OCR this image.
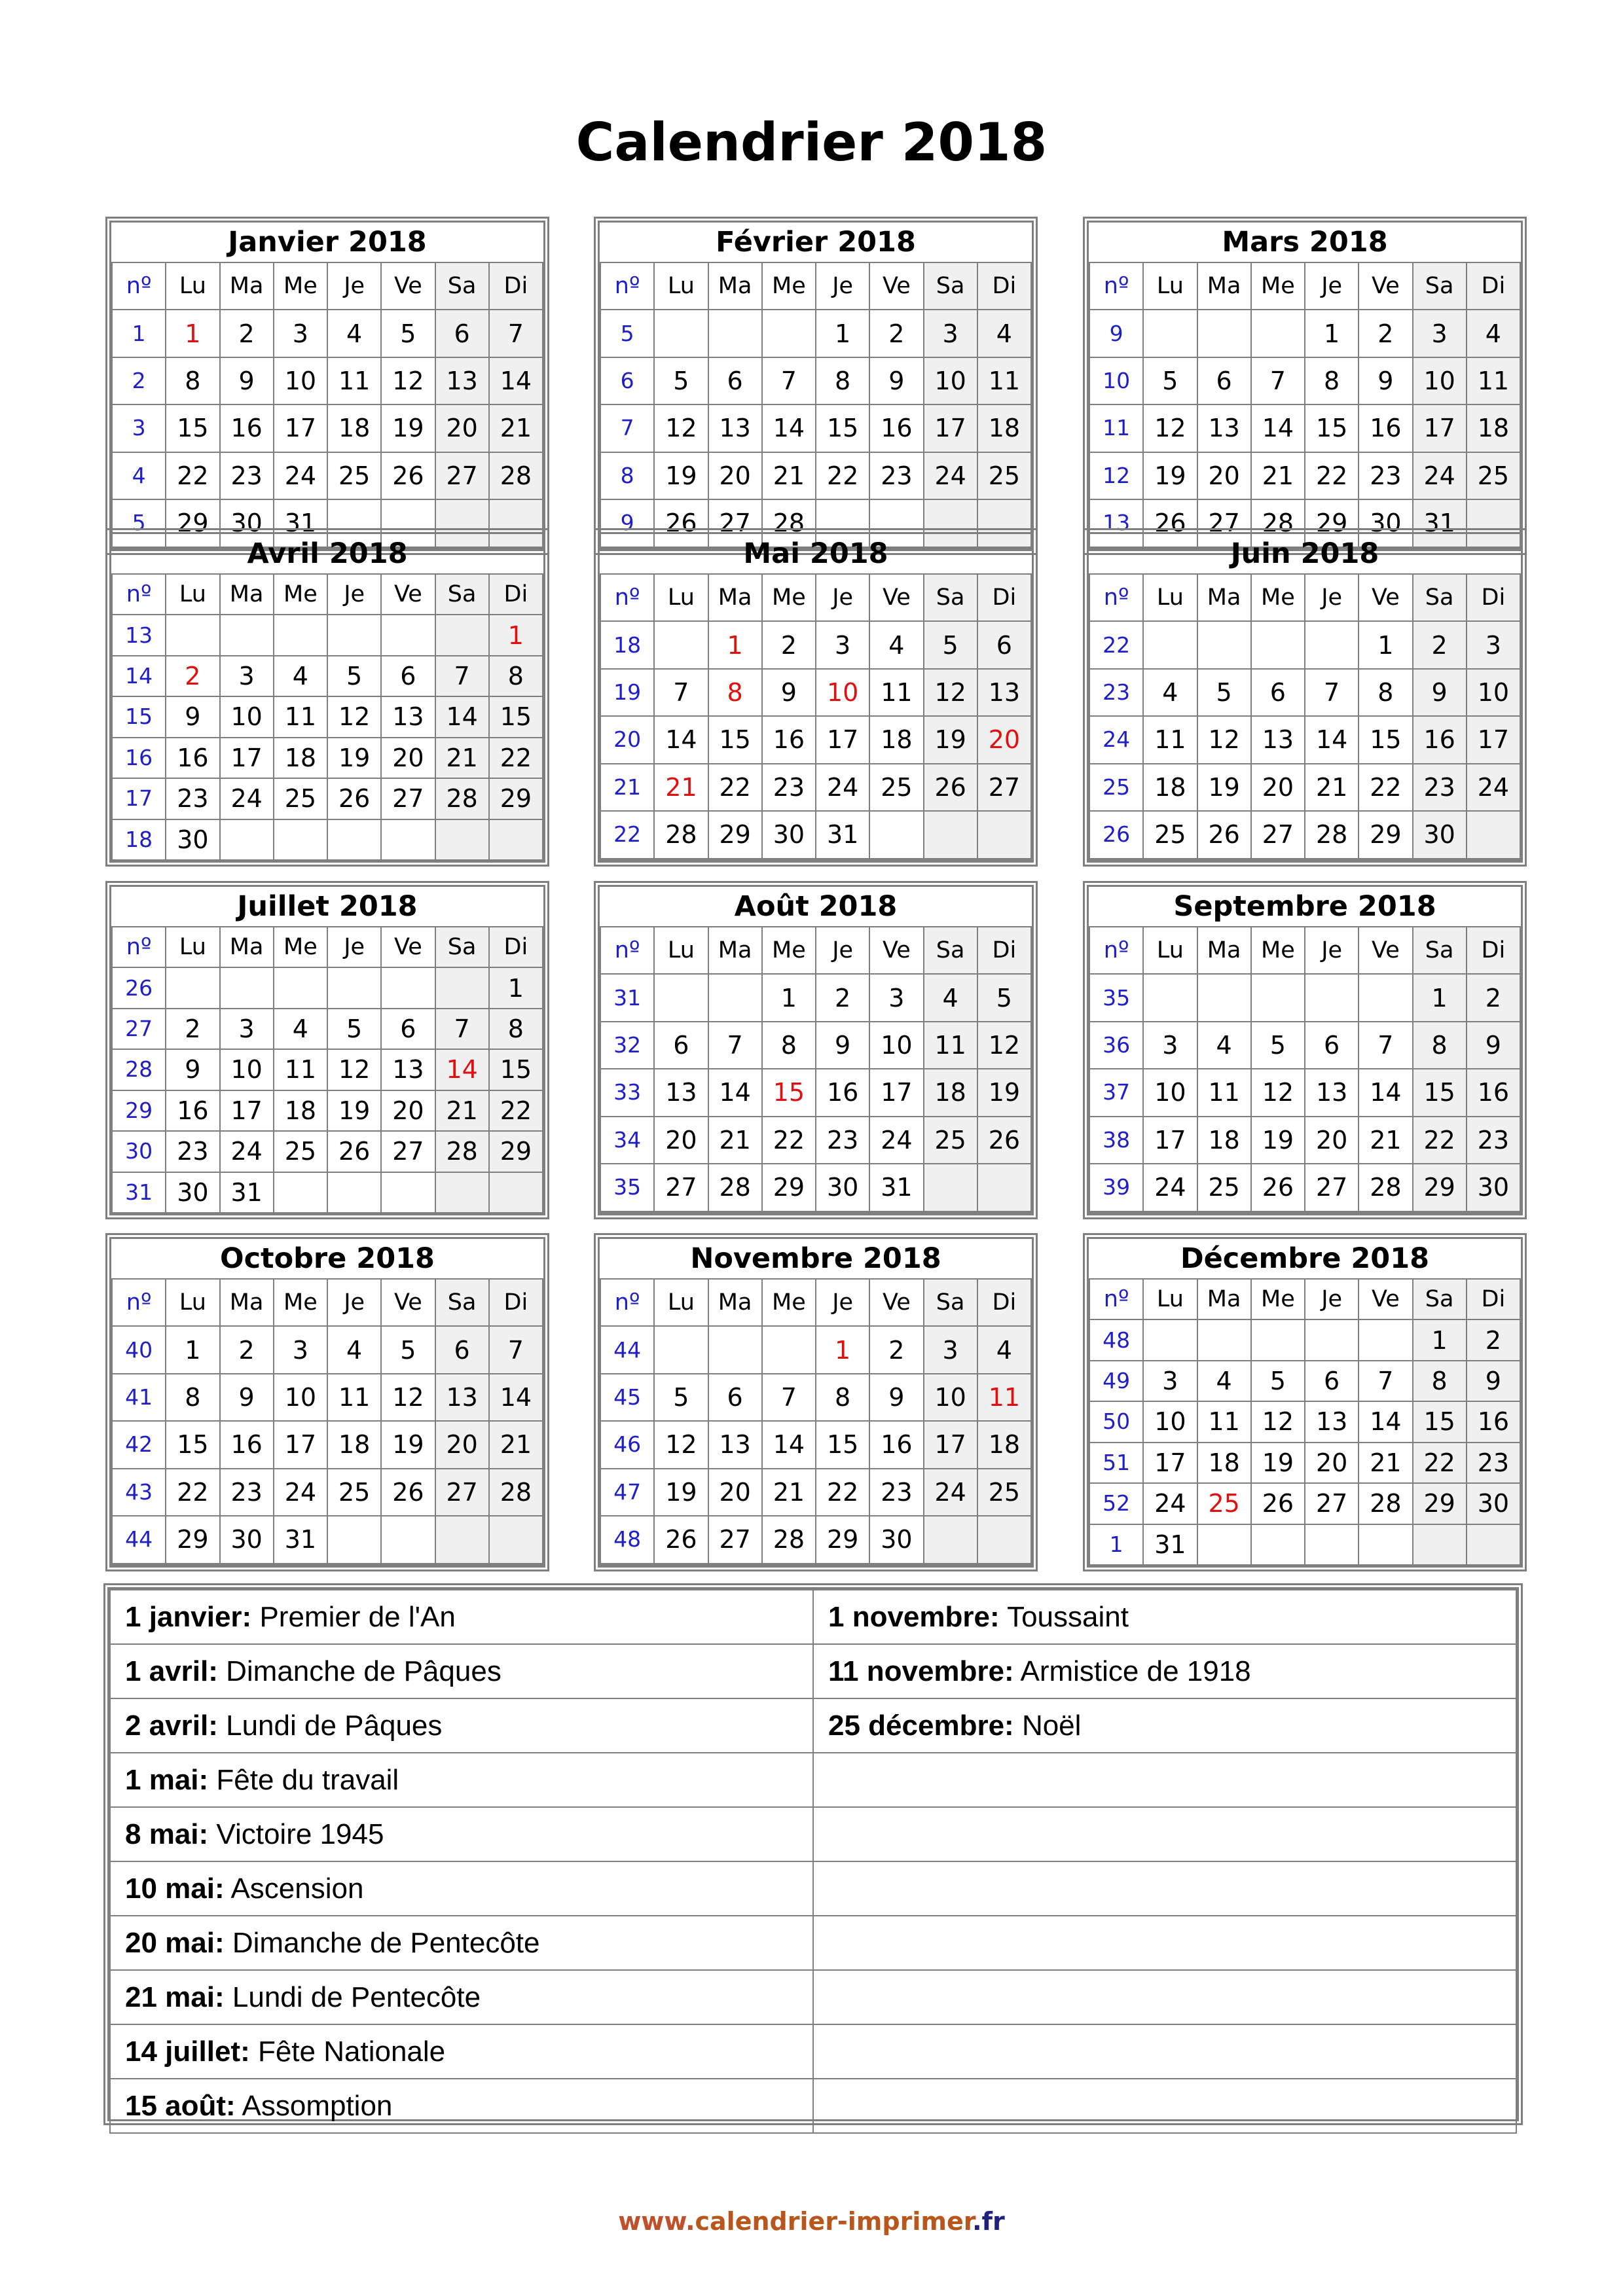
Calendrier 2018
Janvier 2018							
nº	Lu	Ma	Me	Je	Ve	Sa	Di
1	1	2	3	4	5	6	7
2	8	9	10	11	12	13	14
3	15	16	17	18	19	20	21
4	22	23	24	25	26	27	28
5	29	30	31				

Février 2018							
nº	Lu	Ma	Me	Je	Ve	Sa	Di
5				1	2	3	4
6	5	6	7	8	9	10	11
7	12	13	14	15	16	17	18
8	19	20	21	22	23	24	25
9	26	27	28				

Mars 2018							
nº	Lu	Ma	Me	Je	Ve	Sa	Di
9				1	2	3	4
10	5	6	7	8	9	10	11
11	12	13	14	15	16	17	18
12	19	20	21	22	23	24	25
13	26	27	28	29	30	31	

Avril 2018							
nº	Lu	Ma	Me	Je	Ve	Sa	Di
13							1
14	2	3	4	5	6	7	8
15	9	10	11	12	13	14	15
16	16	17	18	19	20	21	22
17	23	24	25	26	27	28	29
18	30						
Mai 2018							
nº	Lu	Ma	Me	Je	Ve	Sa	Di
18		1	2	3	4	5	6
19	7	8	9	10	11	12	13
20	14	15	16	17	18	19	20
21	21	22	23	24	25	26	27
22	28	29	30	31			

Juin 2018							
nº	Lu	Ma	Me	Je	Ve	Sa	Di
22					1	2	3
23	4	5	6	7	8	9	10
24	11	12	13	14	15	16	17
25	18	19	20	21	22	23	24
26	25	26	27	28	29	30	

Juillet 2018							
nº	Lu	Ma	Me	Je	Ve	Sa	Di
26							1
27	2	3	4	5	6	7	8
28	9	10	11	12	13	14	15
29	16	17	18	19	20	21	22
30	23	24	25	26	27	28	29
31	30	31					
Août 2018							
nº	Lu	Ma	Me	Je	Ve	Sa	Di
31			1	2	3	4	5
32	6	7	8	9	10	11	12
33	13	14	15	16	17	18	19
34	20	21	22	23	24	25	26
35	27	28	29	30	31		

Septembre 2018							
nº	Lu	Ma	Me	Je	Ve	Sa	Di
35						1	2
36	3	4	5	6	7	8	9
37	10	11	12	13	14	15	16
38	17	18	19	20	21	22	23
39	24	25	26	27	28	29	30

Octobre 2018							
nº	Lu	Ma	Me	Je	Ve	Sa	Di
40	1	2	3	4	5	6	7
41	8	9	10	11	12	13	14
42	15	16	17	18	19	20	21
43	22	23	24	25	26	27	28
44	29	30	31				

Novembre 2018							
nº	Lu	Ma	Me	Je	Ve	Sa	Di
44				1	2	3	4
45	5	6	7	8	9	10	11
46	12	13	14	15	16	17	18
47	19	20	21	22	23	24	25
48	26	27	28	29	30		

Décembre 2018							
nº	Lu	Ma	Me	Je	Ve	Sa	Di
48						1	2
49	3	4	5	6	7	8	9
50	10	11	12	13	14	15	16
51	17	18	19	20	21	22	23
52	24	25	26	27	28	29	30
1	31						
1 janvier: Premier de l'An	1 novembre: Toussaint
1 avril: Dimanche de Pâques	11 novembre: Armistice de 1918
2 avril: Lundi de Pâques	25 décembre: Noël
1 mai: Fête du travail	
8 mai: Victoire 1945	
10 mai: Ascension	
20 mai: Dimanche de Pentecôte	
21 mai: Lundi de Pentecôte	
14 juillet: Fête Nationale	
15 août: Assomption	
www.calendrier-imprimer.fr
